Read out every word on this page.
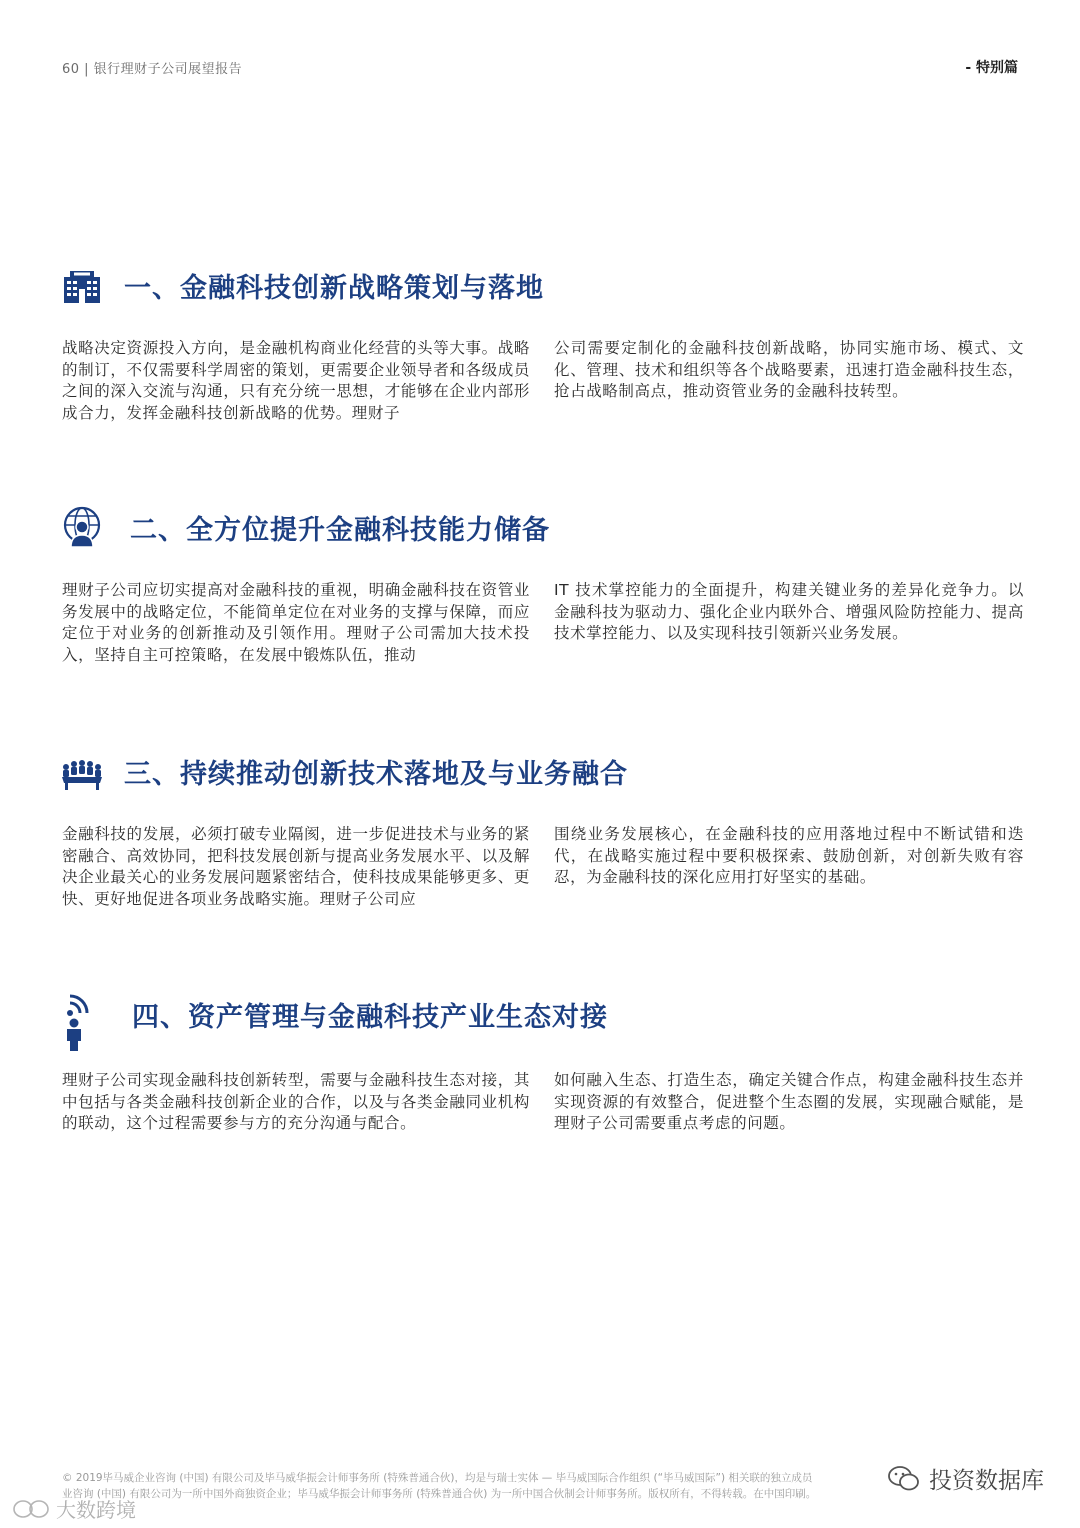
60 | 银行理财子公司展望报告	- 特别篇
一、金融科技创新战略策划与落地
战略决定资源投入方向，是金融机构商业化经营的头等大事。战略的制订，不仅需要科学周密的策划，更需要企业领导者和各级成员之间的深入交流与沟通，只有充分统一思想，才能够在企业内部形成合力，发挥金融科技创新战略的优势。理财子
公司需要定制化的金融科技创新战略，协同实施市场、模式、文化、管理、技术和组织等各个战略要素，迅速打造金融科技生态，抢占战略制高点，推动资管业务的金融科技转型。
二、全方位提升金融科技能力储备
理财子公司应切实提高对金融科技的重视，明确金融科技在资管业务发展中的战略定位，不能简单定位在对业务的支撑与保障，而应定位于对业务的创新推动及引领作用。理财子公司需加大技术投入，坚持自主可控策略，在发展中锻炼队伍，推动
IT 技术掌控能力的全面提升，构建关键业务的差异化竞争力。以金融科技为驱动力、强化企业内联外合、增强风险防控能力、提高技术掌控能力、以及实现科技引领新兴业务发展。
三、持续推动创新技术落地及与业务融合
金融科技的发展，必须打破专业隔阂，进一步促进技术与业务的紧密融合、高效协同，把科技发展创新与提高业务发展水平、以及解决企业最关心的业务发展问题紧密结合，使科技成果能够更多、更快、更好地促进各项业务战略实施。理财子公司应
围绕业务发展核心，在金融科技的应用落地过程中不断试错和迭代，在战略实施过程中要积极探索、鼓励创新，对创新失败有容忍，为金融科技的深化应用打好坚实的基础。
四、资产管理与金融科技产业生态对接
理财子公司实现金融科技创新转型，需要与金融科技生态对接，其中包括与各类金融科技创新企业的合作，以及与各类金融同业机构的联动，这个过程需要参与方的充分沟通与配合。
如何融入生态、打造生态，确定关键合作点，构建金融科技生态并实现资源的有效整合，促进整个生态圈的发展，实现融合赋能，是理财子公司需要重点考虑的问题。
© 2019毕马威企业咨询 (中国) 有限公司及毕马威华振会计师事务所 (特殊普通合伙)，均是与瑞士实体 — 毕马威国际合作组织 (“毕马威国际”) 相关联的独立成员
业咨询 (中国) 有限公司为一所中国外商独资企业；毕马威华振会计师事务所 (特殊普通合伙) 为一所中国合伙制会计师事务所。版权所有，不得转载。在中国印刷。	投资数据库
大数跨境
